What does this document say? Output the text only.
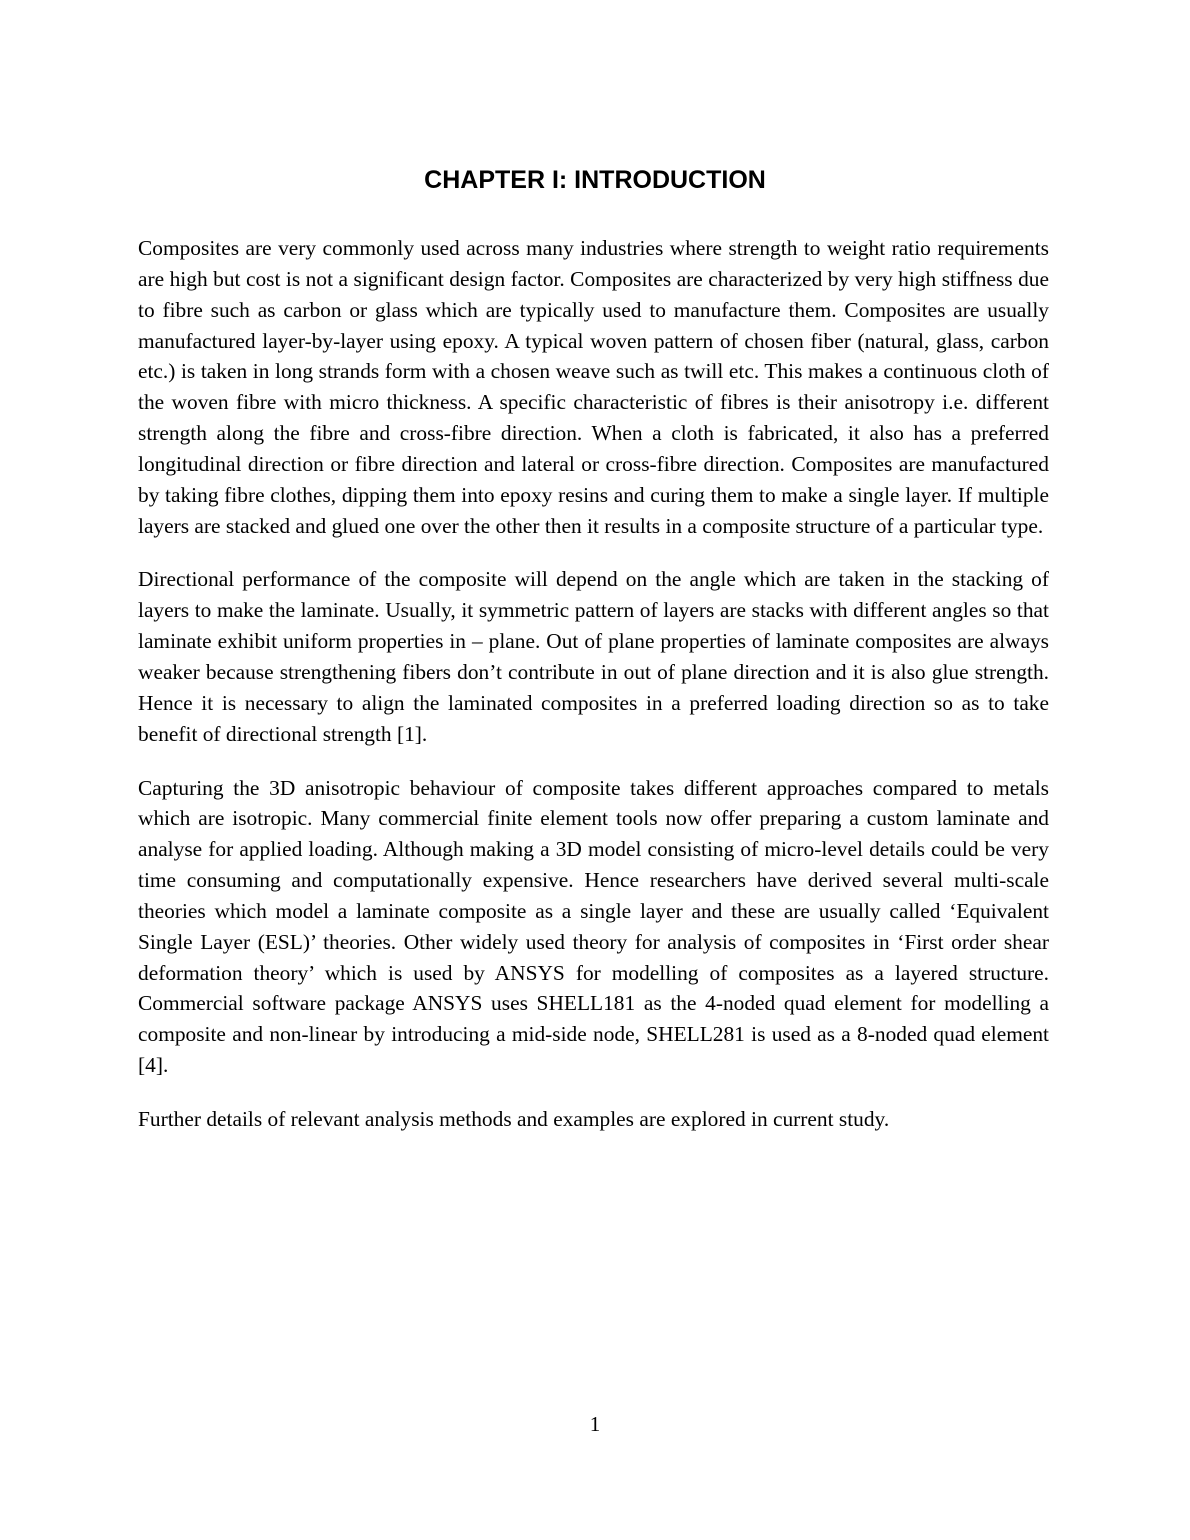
CHAPTER I: INTRODUCTION

Composites are very commonly used across many industries where strength to weight ratio requirements are high but cost is not a significant design factor. Composites are characterized by very high stiffness due to fibre such as carbon or glass which are typically used to manufacture them. Composites are usually manufactured layer-by-layer using epoxy. A typical woven pattern of chosen fiber (natural, glass, carbon etc.) is taken in long strands form with a chosen weave such as twill etc. This makes a continuous cloth of the woven fibre with micro thickness. A specific characteristic of fibres is their anisotropy i.e. different strength along the fibre and cross-fibre direction. When a cloth is fabricated, it also has a preferred longitudinal direction or fibre direction and lateral or cross-fibre direction. Composites are manufactured by taking fibre clothes, dipping them into epoxy resins and curing them to make a single layer. If multiple layers are stacked and glued one over the other then it results in a composite structure of a particular type.

Directional performance of the composite will depend on the angle which are taken in the stacking of layers to make the laminate. Usually, it symmetric pattern of layers are stacks with different angles so that laminate exhibit uniform properties in – plane. Out of plane properties of laminate composites are always weaker because strengthening fibers don’t contribute in out of plane direction and it is also glue strength. Hence it is necessary to align the laminated composites in a preferred loading direction so as to take benefit of directional strength [1].

Capturing the 3D anisotropic behaviour of composite takes different approaches compared to metals which are isotropic. Many commercial finite element tools now offer preparing a custom laminate and analyse for applied loading. Although making a 3D model consisting of micro-level details could be very time consuming and computationally expensive. Hence researchers have derived several multi-scale theories which model a laminate composite as a single layer and these are usually called ‘Equivalent Single Layer (ESL)’ theories. Other widely used theory for analysis of composites in ‘First order shear deformation theory’ which is used by ANSYS for modelling of composites as a layered structure. Commercial software package ANSYS uses SHELL181 as the 4-noded quad element for modelling a composite and non-linear by introducing a mid-side node, SHELL281 is used as a 8-noded quad element [4].

Further details of relevant analysis methods and examples are explored in current study.

1
